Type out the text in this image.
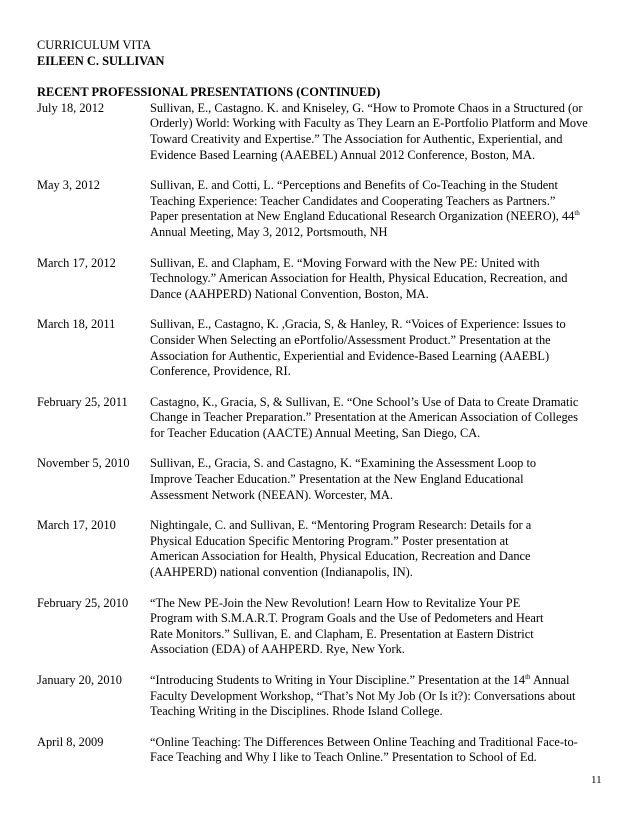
CURRICULUM VITA
EILEEN C. SULLIVAN
RECENT PROFESSIONAL PRESENTATIONS (CONTINUED)
July 18, 2012	Sullivan, E., Castagno. K. and Kniseley, G. “How to Promote Chaos in a Structured (or
Orderly) World: Working with Faculty as They Learn an E-Portfolio Platform and Move
Toward Creativity and Expertise.” The Association for Authentic, Experiential, and
Evidence Based Learning (AAEBEL) Annual 2012 Conference, Boston, MA.
May 3, 2012	Sullivan, E. and Cotti, L. “Perceptions and Benefits of Co-Teaching in the Student
Teaching Experience: Teacher Candidates and Cooperating Teachers as Partners.”
Paper presentation at New England Educational Research Organization (NEERO), 44th
Annual Meeting, May 3, 2012, Portsmouth, NH
March 17, 2012	Sullivan, E. and Clapham, E. “Moving Forward with the New PE: United with
Technology.” American Association for Health, Physical Education, Recreation, and
Dance (AAHPERD) National Convention, Boston, MA.
March 18, 2011	Sullivan, E., Castagno, K. ,Gracia, S, & Hanley, R. “Voices of Experience: Issues to
Consider When Selecting an ePortfolio/Assessment Product.” Presentation at the
Association for Authentic, Experiential and Evidence-Based Learning (AAEBL)
Conference, Providence, RI.
February 25, 2011	Castagno, K., Gracia, S, & Sullivan, E. “One School’s Use of Data to Create Dramatic
Change in Teacher Preparation.” Presentation at the American Association of Colleges
for Teacher Education (AACTE) Annual Meeting, San Diego, CA.
November 5, 2010	Sullivan, E., Gracia, S. and Castagno, K. “Examining the Assessment Loop to
Improve Teacher Education.” Presentation at the New England Educational
Assessment Network (NEEAN). Worcester, MA.
March 17, 2010	Nightingale, C. and Sullivan, E. “Mentoring Program Research: Details for a
Physical Education Specific Mentoring Program.” Poster presentation at
American Association for Health, Physical Education, Recreation and Dance
(AAHPERD) national convention (Indianapolis, IN).
February 25, 2010	“The New PE-Join the New Revolution! Learn How to Revitalize Your PE
Program with S.M.A.R.T. Program Goals and the Use of Pedometers and Heart
Rate Monitors.” Sullivan, E. and Clapham, E. Presentation at Eastern District
Association (EDA) of AAHPERD. Rye, New York.
January 20, 2010	“Introducing Students to Writing in Your Discipline.” Presentation at the 14th Annual
Faculty Development Workshop, “That’s Not My Job (Or Is it?): Conversations about
Teaching Writing in the Disciplines. Rhode Island College.
April 8, 2009	“Online Teaching: The Differences Between Online Teaching and Traditional Face-to-
Face Teaching and Why I like to Teach Online.” Presentation to School of Ed.
11
